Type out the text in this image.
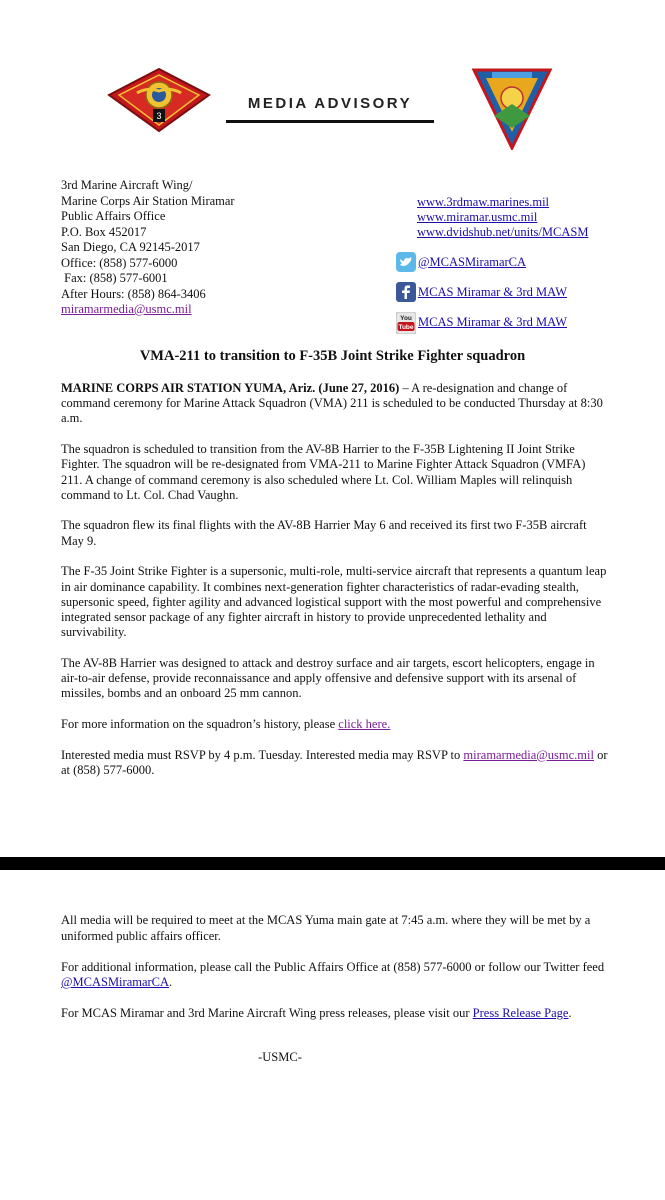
3
MEDIA ADVISORY
3rd Marine Aircraft Wing/
Marine Corps Air Station Miramar
Public Affairs Office
P.O. Box 452017
San Diego, CA 92145-2017
Office: (858) 577-6000
Fax: (858) 577-6001
After Hours: (858) 864-3406
miramarmedia@usmc.mil
www.3rdmaw.marines.mil
www.miramar.usmc.mil
www.dvidshub.net/units/MCASM
@MCASMiramarCA
MCAS Miramar & 3rd MAW
You
Tube MCAS Miramar & 3rd MAW
VMA-211 to transition to F-35B Joint Strike Fighter squadron

MARINE CORPS AIR STATION YUMA, Ariz. (June 27, 2016) – A re-designation and change of command ceremony for Marine Attack Squadron (VMA) 211 is scheduled to be conducted Thursday at 8:30 a.m.

The squadron is scheduled to transition from the AV-8B Harrier to the F-35B Lightening II Joint Strike Fighter. The squadron will be re-designated from VMA-211 to Marine Fighter Attack Squadron (VMFA) 211. A change of command ceremony is also scheduled where Lt. Col. William Maples will relinquish command to Lt. Col. Chad Vaughn.

The squadron flew its final flights with the AV-8B Harrier May 6 and received its first two F-35B aircraft May 9.

The F-35 Joint Strike Fighter is a supersonic, multi-role, multi-service aircraft that represents a quantum leap in air dominance capability. It combines next-generation fighter characteristics of radar-evading stealth, supersonic speed, fighter agility and advanced logistical support with the most powerful and comprehensive integrated sensor package of any fighter aircraft in history to provide unprecedented lethality and survivability.

The AV-8B Harrier was designed to attack and destroy surface and air targets, escort helicopters, engage in air-to-air defense, provide reconnaissance and apply offensive and defensive support with its arsenal of missiles, bombs and an onboard 25 mm cannon.

For more information on the squadron’s history, please click here.

Interested media must RSVP by 4 p.m. Tuesday. Interested media may RSVP to miramarmedia@usmc.mil or at (858) 577-6000.

All media will be required to meet at the MCAS Yuma main gate at 7:45 a.m. where they will be met by a uniformed public affairs officer.

For additional information, please call the Public Affairs Office at (858) 577-6000 or follow our Twitter feed @MCASMiramarCA.

For MCAS Miramar and 3rd Marine Aircraft Wing press releases, please visit our Press Release Page.

-USMC-
